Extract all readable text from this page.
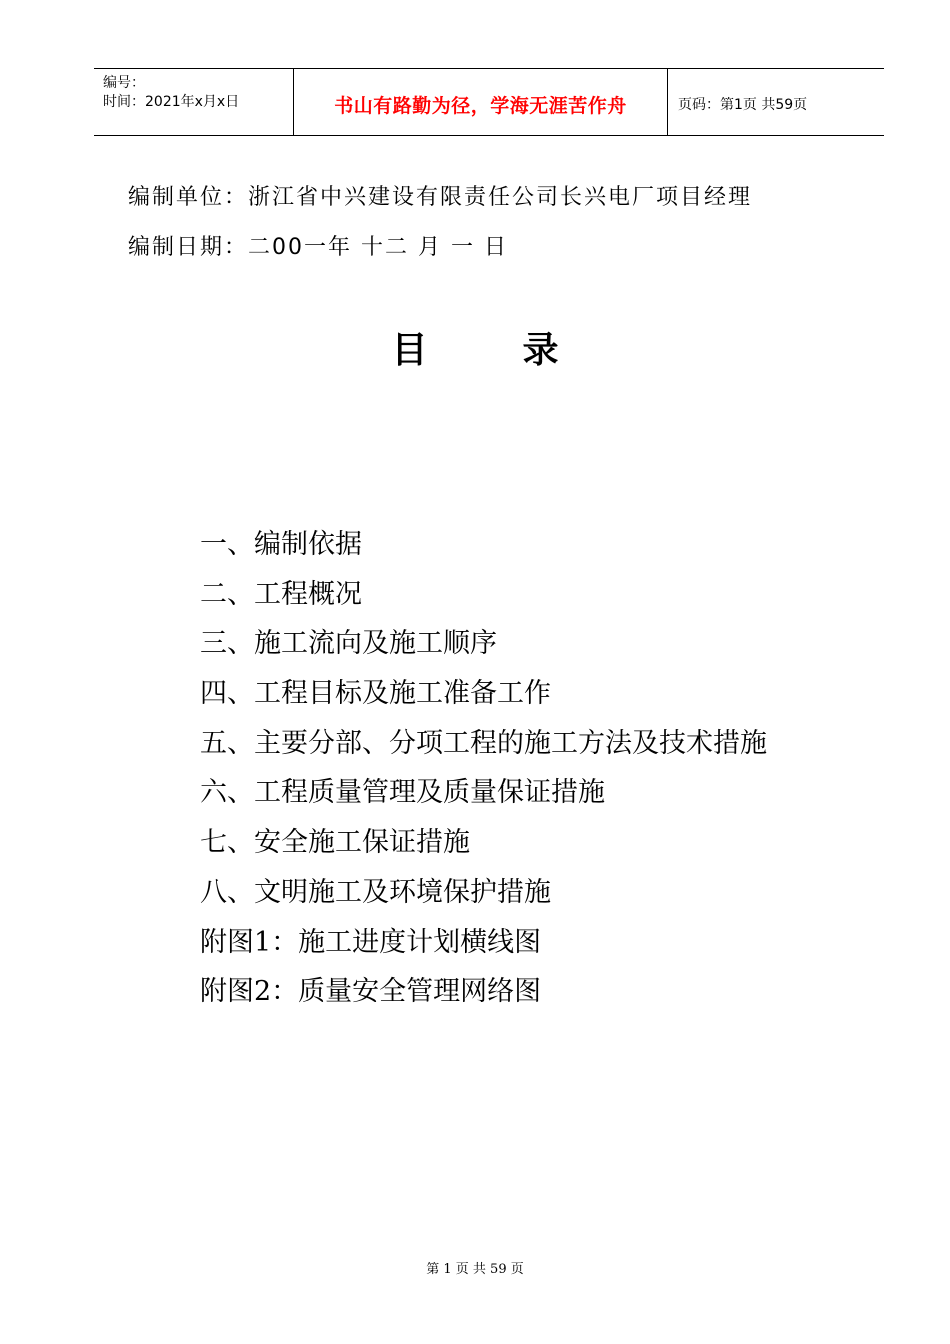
编号：
时间：2021年x月x日	书山有路勤为径，学海无涯苦作舟	页码：第1页 共59页
编制单位：浙江省中兴建设有限责任公司长兴电厂项目经理
编制日期：二00一年 十二 月 一 日
目	录
一、编制依据
二、工程概况
三、施工流向及施工顺序
四、工程目标及施工准备工作
五、主要分部、分项工程的施工方法及技术措施
六、工程质量管理及质量保证措施
七、安全施工保证措施
八、文明施工及环境保护措施
附图1：施工进度计划横线图
附图2：质量安全管理网络图
第 1 页 共 59 页
